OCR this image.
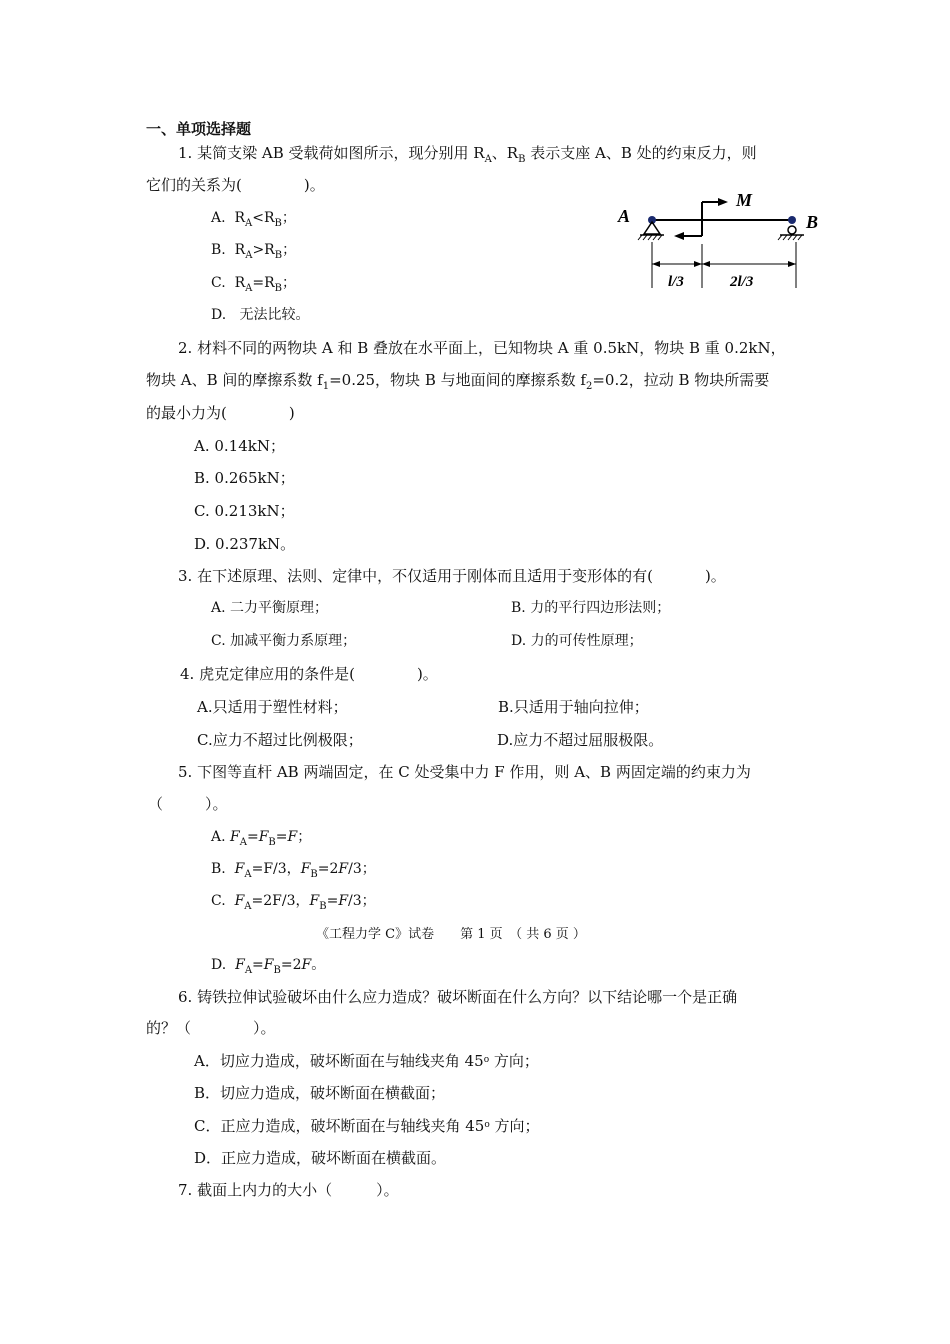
一、单项选择题
1. 某简支梁 AB 受载荷如图所示，现分别用 $R_A$、$R_B$ 表示支座 A、B 处的约束反力，则
它们的关系为(	)。
A. $R_A<R_B$；
B. $R_A>R_B$；
C. $R_A=R_B$；
D. 无法比较。
A	B
M
l/3	2l/3
2. 材料不同的两物块 A 和 B 叠放在水平面上，已知物块 A 重 0.5kN，物块 B 重 0.2kN，
物块 A、B 间的摩擦系数 $f_1=0.25$，物块 B 与地面间的摩擦系数 $f_2=0.2$，拉动 B 物块所需要
的最小力为(	)
A. 0.14kN；
B. 0.265kN；
C. 0.213kN；
D. 0.237kN。
3. 在下述原理、法则、定律中，不仅适用于刚体而且适用于变形体的有(	)。
A. 二力平衡原理；	B. 力的平行四边形法则；
C. 加减平衡力系原理；	D. 力的可传性原理；
4. 虎克定律应用的条件是(	)。
A.只适用于塑性材料；	B.只适用于轴向拉伸；
C.应力不超过比例极限；	D.应力不超过屈服极限。
5. 下图等直杆 AB 两端固定，在 C 处受集中力 F 作用，则 A、B 两固定端的约束力为
（	）。
A. $F_A=F_B=F$；
B. $F_A=F/3$，$F_B=2F/3$；
C. $F_A=2F/3$，$F_B=F/3$；
《工程力学 C》试卷　　第 1 页　（ 共 6 页 ）
D. $F_A=F_B=2F$。
6. 铸铁拉伸试验破坏由什么应力造成？破坏断面在什么方向？以下结论哪一个是正确
的？（	）。
A．切应力造成，破坏断面在与轴线夹角 45$^o$ 方向；
B．切应力造成，破坏断面在横截面；
C．正应力造成，破坏断面在与轴线夹角 45$^o$ 方向；
D．正应力造成，破坏断面在横截面。
7. 截面上内力的大小（	）。
